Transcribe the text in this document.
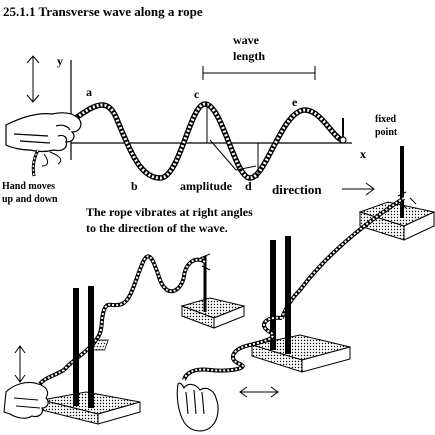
25.1.1 Transverse wave along a rope
y
x
wave
length
fixed
point
a
b
c
d
e
amplitude	direction
Hand moves
up and down
The rope vibrates at right angles
to the direction of the wave.
